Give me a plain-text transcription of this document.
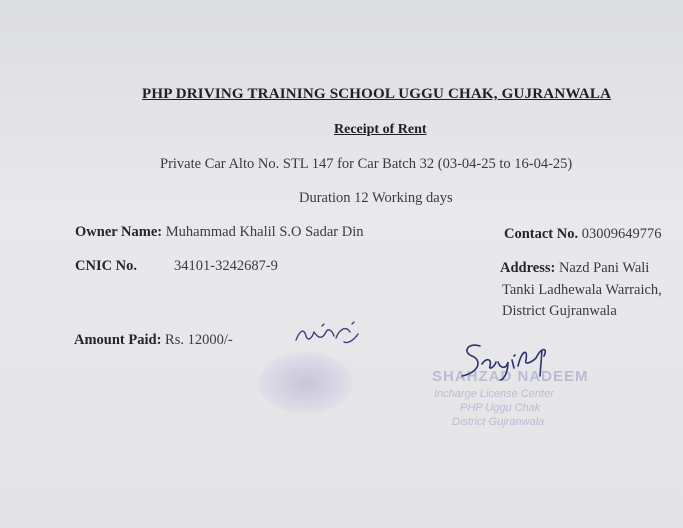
PHP DRIVING TRAINING SCHOOL UGGU CHAK, GUJRANWALA
Receipt of Rent
Private Car Alto No. STL 147 for Car Batch 32 (03-04-25 to 16-04-25)
Duration 12 Working days
Owner Name: Muhammad Khalil S.O Sadar Din	Contact No. 03009649776
CNIC No.	34101-3242687-9	Address: Nazd Pani Wali
Tanki Ladhewala Warraich,
District Gujranwala
Amount Paid: Rs. 12000/-
SHAHZAD NADEEM
Incharge License Center
PHP Uggu Chak
District Gujranwala
